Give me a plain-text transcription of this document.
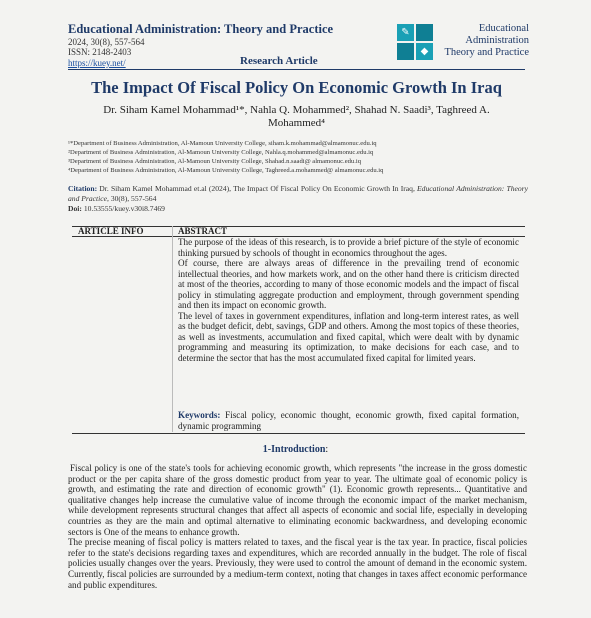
Educational Administration: Theory and Practice
2024, 30(8), 557-564
ISSN: 2148-2403
https://kuey.net/	Research Article
✎
◆
Educational
Administration
Theory and Practice
The Impact Of Fiscal Policy On Economic Growth In Iraq
Dr. Siham Kamel Mohammad¹*, Nahla Q. Mohammed², Shahad N. Saadi³, Taghreed A. Mohammed⁴
¹*Department of Business Administration, Al-Mamoun University College, siham.k.mohammad@almamonuc.edu.iq
²Department of Business Administration, Al-Mamoun University College, Nahla.q.mohammed@almamonuc.edu.iq
³Department of Business Administration, Al-Mamoun University College, Shahad.n.saadi@ almamonuc.edu.iq
⁴Department of Business Administration, Al-Mamoun University College, Taghreed.a.mohammed@ almamonuc.edu.iq
Citation: Dr. Siham Kamel Mohammad et.al (2024), The Impact Of Fiscal Policy On Economic Growth In Iraq, Educational Administration: Theory and Practice, 30(8), 557-564
Doi: 10.53555/kuey.v30i8.7469
ARTICLE INFO	ABSTRACT

The purpose of the ideas of this research, is to provide a brief picture of the style of economic thinking pursued by schools of thought in economics throughout the ages.

Of course, there are always areas of difference in the prevailing trend of economic intellectual theories, and how markets work, and on the other hand there is criticism directed at most of the theories, according to many of those economic models and the impact of fiscal policy in stimulating aggregate production and employment, through government spending and then its impact on economic growth.

The level of taxes in government expenditures, inflation and long-term interest rates, as well as the budget deficit, debt, savings, GDP and others. Among the most topics of these theories, as well as investments, accumulation and fixed capital, which were dealt with by dynamic programming and measuring its optimization, to make decisions for each case, and to determine the sector that has the most accumulated fixed capital for limited years.

Keywords: Fiscal policy, economic thought, economic growth, fixed capital formation, dynamic programming
1-Introduction:

Fiscal policy is one of the state's tools for achieving economic growth, which represents "the increase in the gross domestic product or the per capita share of the gross domestic product from year to year. The ultimate goal of economic policy is growth, and estimating the rate and direction of economic growth" (1). Economic growth represents... Quantitative and qualitative changes help increase the cumulative value of income through the economic impact of the market mechanism, while development represents structural changes that affect all aspects of economic and social life, especially in developing countries as they are the main and optimal alternative to eliminating economic backwardness, and developing economic sectors is One of the means to enhance growth.

The precise meaning of fiscal policy is matters related to taxes, and the fiscal year is the tax year. In practice, fiscal policies refer to the state's decisions regarding taxes and expenditures, which are recorded annually in the budget. The role of fiscal policies usually changes over the years. Previously, they were used to control the amount of demand in the economic system. Currently, fiscal policies are surrounded by a medium-term context, noting that changes in taxes affect economic performance and public expenditures.
